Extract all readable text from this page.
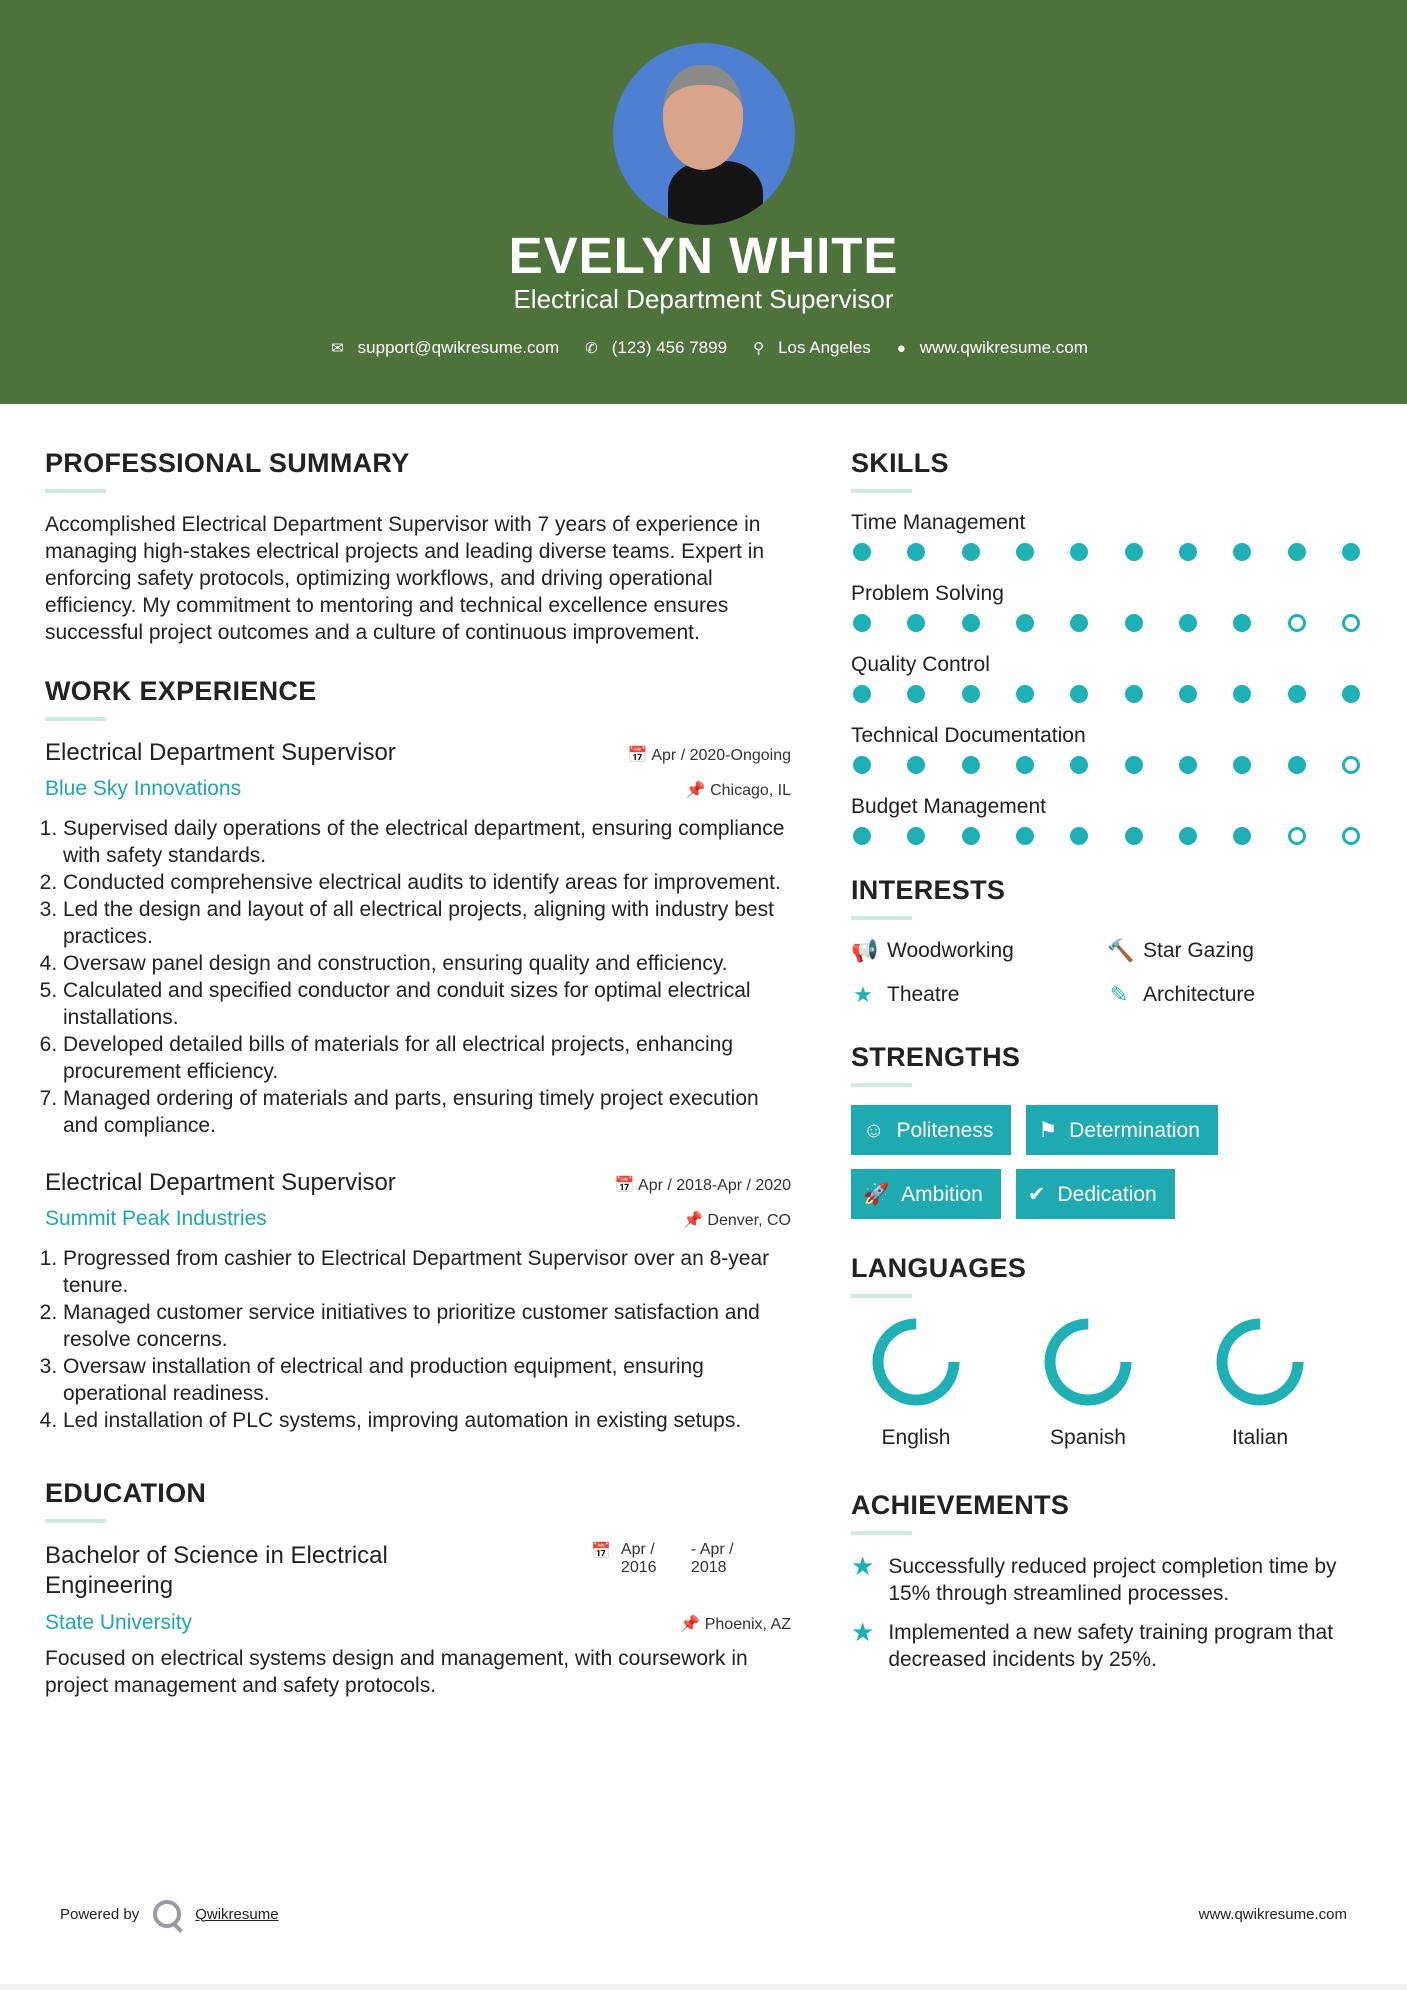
EVELYN WHITE
Electrical Department Supervisor
✉ support@qwikresume.com ✆ (123) 456 7899 ⚲ Los Angeles ● www.qwikresume.com
PROFESSIONAL SUMMARY

Accomplished Electrical Department Supervisor with 7 years of experience in managing high-stakes electrical projects and leading diverse teams. Expert in enforcing safety protocols, optimizing workflows, and driving operational efficiency. My commitment to mentoring and technical excellence ensures successful project outcomes and a culture of continuous improvement.

WORK EXPERIENCE
Electrical Department Supervisor	📅 Apr / 2020-Ongoing
Blue Sky Innovations	📌 Chicago, IL
1. Supervised daily operations of the electrical department, ensuring compliance with safety standards.
2. Conducted comprehensive electrical audits to identify areas for improvement.
3. Led the design and layout of all electrical projects, aligning with industry best practices.
4. Oversaw panel design and construction, ensuring quality and efficiency.
5. Calculated and specified conductor and conduit sizes for optimal electrical installations.
6. Developed detailed bills of materials for all electrical projects, enhancing procurement efficiency.
7. Managed ordering of materials and parts, ensuring timely project execution and compliance.
Electrical Department Supervisor	📅 Apr / 2018-Apr / 2020
Summit Peak Industries	📌 Denver, CO
1. Progressed from cashier to Electrical Department Supervisor over an 8-year tenure.
2. Managed customer service initiatives to prioritize customer satisfaction and resolve concerns.
3. Oversaw installation of electrical and production equipment, ensuring operational readiness.
4. Led installation of PLC systems, improving automation in existing setups.
EDUCATION
Bachelor of Science in Electrical Engineering
📅 Apr / 2016
- Apr / 2018
State University	📌 Phoenix, AZ

Focused on electrical systems design and management, with coursework in project management and safety protocols.

SKILLS
Time Management
Problem Solving
Quality Control
Technical Documentation
Budget Management
INTERESTS
📢 Woodworking	🔨 Star Gazing
★ Theatre	✎ Architecture
STRENGTHS
☺ Politeness ⚑ Determination
🚀 Ambition ✔ Dedication
LANGUAGES
English	Spanish	Italian
ACHIEVEMENTS
★ Successfully reduced project completion time by 15% through streamlined processes.
★ Implemented a new safety training program that decreased incidents by 25%.
Powered by	Qwikresume	www.qwikresume.com
